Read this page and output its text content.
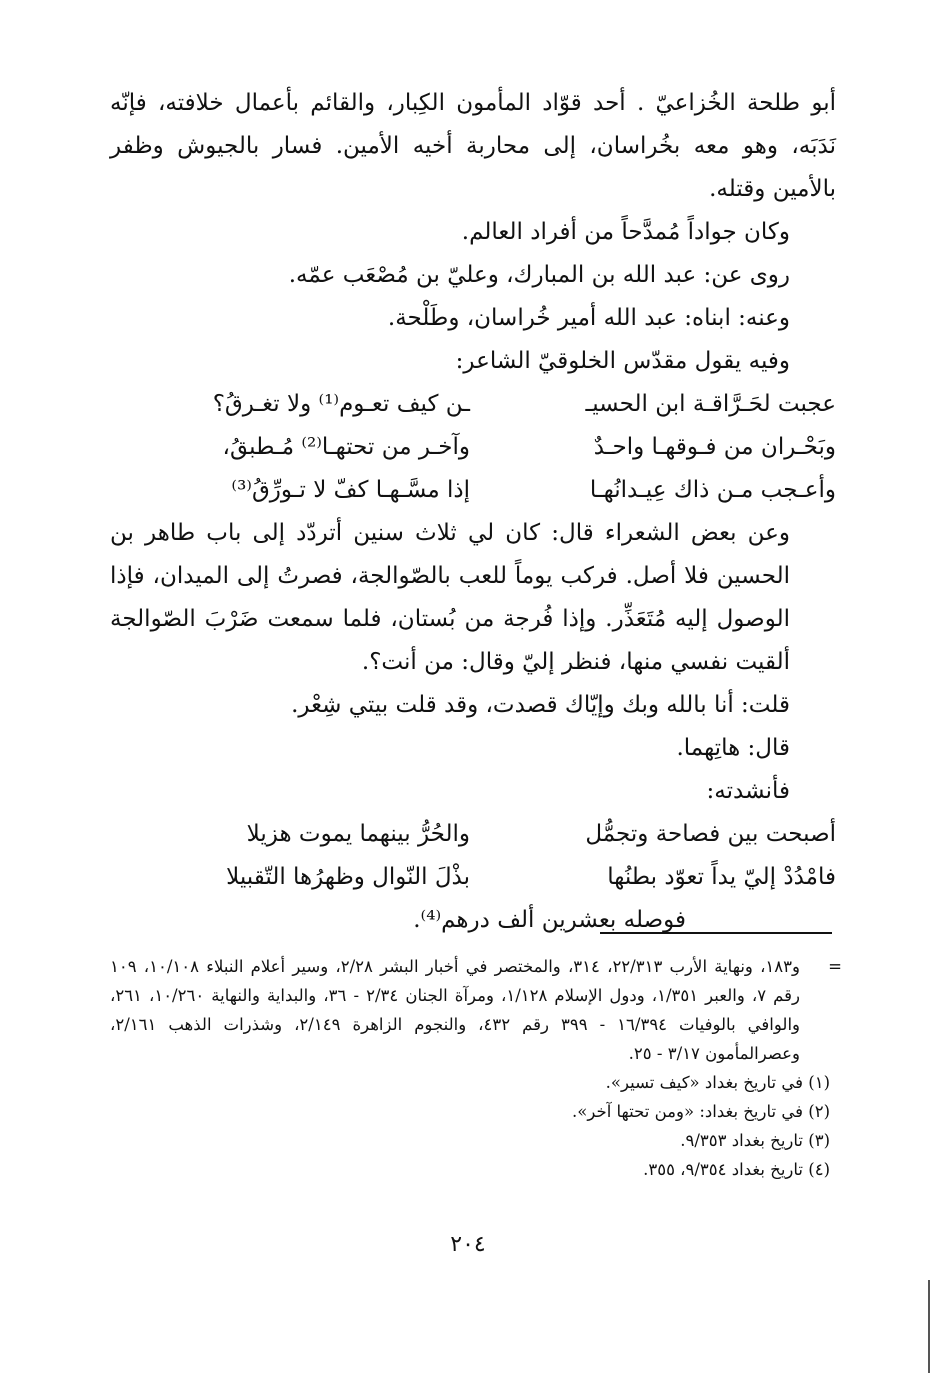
أبو طلحة الخُزاعيّ . أحد قوّاد المأمون الكِبار، والقائم بأعمال خلافته، فإنّه نَدَبَه، وهو معه بخُراسان، إلى محاربة أخيه الأمين. فسار بالجيوش وظفر بالأمين وقتله.

وكان جواداً مُمدَّحاً من أفراد العالم.

روى عن: عبد الله بن المبارك، وعليّ بن مُصْعَب عمّه.

وعنه: ابناه: عبد الله أمير خُراسان، وطَلْحة.

وفيه يقول مقدّس الخلوقيّ الشاعر:

عجبت لحَـرَّاقـة ابن الحسيـ
ـن كيف تعـوم⁽¹⁾ ولا تغـرقُ؟
وبَحْـران من فـوقهـا واحـدٌ
وآخـر من تحتهـا⁽²⁾ مُـطبقُ،
وأعـجب مـن ذاك عِيـدانُهـا
إذا مسَّـهـا كفّ لا تـورِّقُ⁽³⁾

وعن بعض الشعراء قال: كان لي ثلاث سنين أتردّد إلى باب طاهر بن الحسين فلا أصل. فركب يوماً للعب بالصّوالجة، فصرتُ إلى الميدان، فإذا الوصول إليه مُتَعَذِّر. وإذا فُرجة من بُستان، فلما سمعت ضَرْبَ الصّوالجة ألقيت نفسي منها، فنظر إليّ وقال: من أنت؟.

قلت: أنا بالله وبك وإيّاك قصدت، وقد قلت بيتي شِعْر.

قال: هاتِهما.

فأنشدته:

أصبحت بين فصاحة وتجمُّل
والحُرُّ بينهما يموت هزيلا
فامْدُدْ إليّ يداً تعوّد بطنُها
بذْلَ النّوال وظهرُها التّقبيلا

فوصله بعشرين ألف درهم⁽⁴⁾.

=
و١٨٣، ونهاية الأرب ٢٢/٣١٣، ٣١٤، والمختصر في أخبار البشر ٢/٢٨، وسير أعلام النبلاء ١٠/١٠٨، ١٠٩ رقم ٧، والعبر ١/٣٥١، ودول الإسلام ١/١٢٨، ومرآة الجنان ٢/٣٤ - ٣٦، والبداية والنهاية ١٠/٢٦٠، ٢٦١، والوافي بالوفيات ١٦/٣٩٤ - ٣٩٩ رقم ٤٣٢، والنجوم الزاهرة ٢/١٤٩، وشذرات الذهب ٢/١٦١، وعصرالمأمون ٣/١٧ - ٢٥.

(١) في تاريخ بغداد «كيف تسير».

(٢) في تاريخ بغداد: «ومن تحتها آخر».

(٣) تاريخ بغداد ٩/٣٥٣.

(٤) تاريخ بغداد ٩/٣٥٤، ٣٥٥.

٢٠٤
